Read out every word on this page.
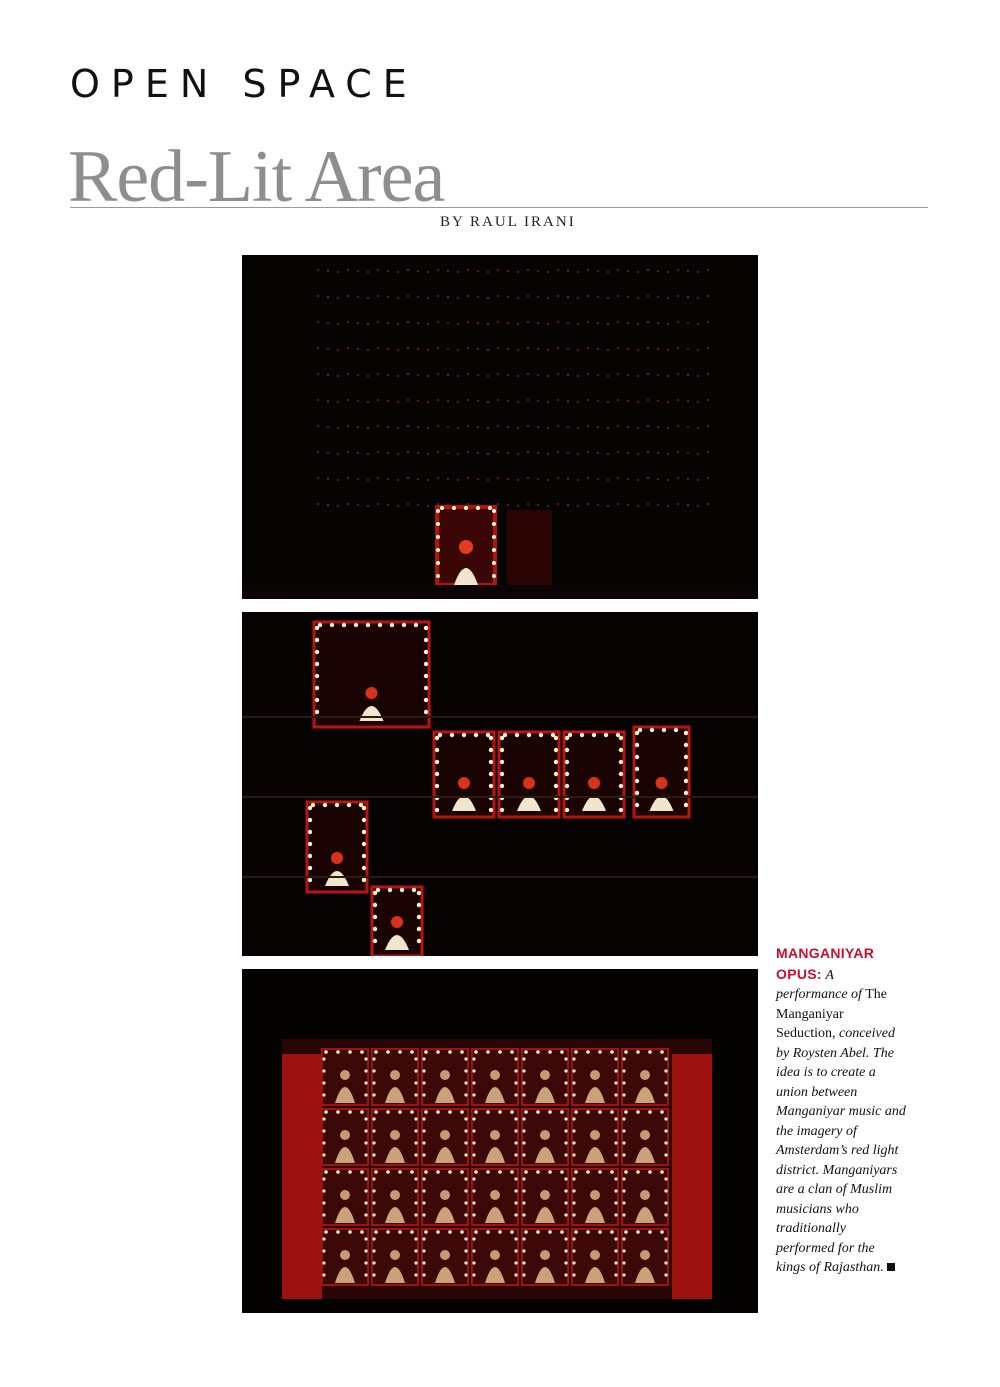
OPEN SPACE
Red-Lit Area
BY RAUL IRANI
MANGANIYAR OPUS: A performance of The Manganiyar Seduction, conceived by Roysten Abel. The idea is to create a union between Manganiyar music and the imagery of Amsterdam’s red light district. Manganiyars are a clan of Muslim musicians who traditionally performed for the kings of Rajasthan.
